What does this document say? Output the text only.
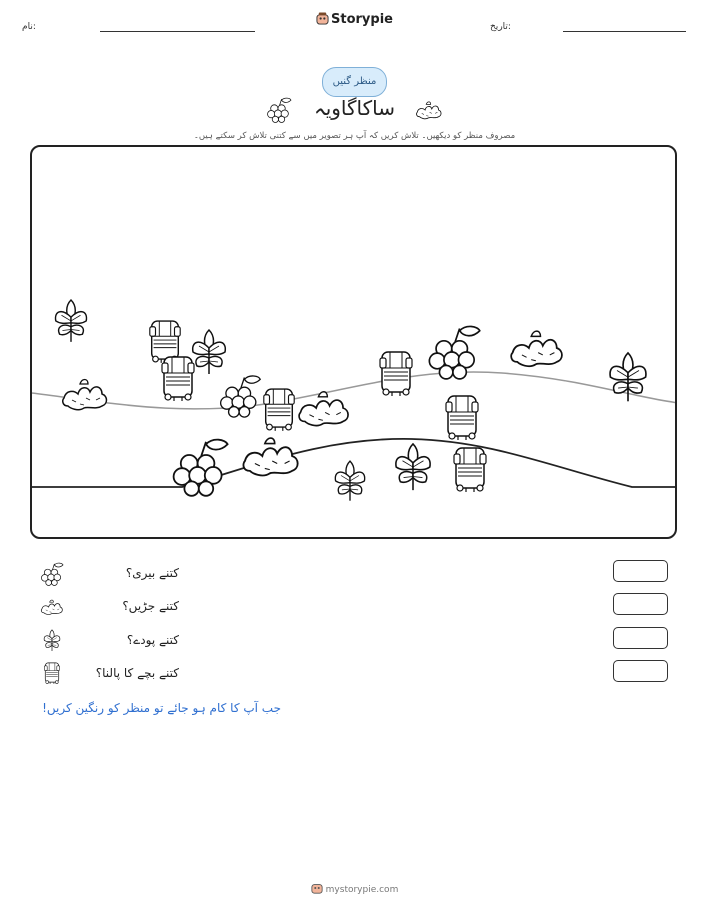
نام:	تاریخ:
Storypie
منظر گنیں
ساکاگاویہ
مصروف منظر کو دیکھیں۔ تلاش کریں کہ آپ ہر تصویر میں سے کتنی تلاش کر سکتے ہیں۔
کتنے بیری؟
کتنے جڑیں؟
کتنے پودے؟
کتنے بچے کا پالنا؟
جب آپ کا کام ہو جائے تو منظر کو رنگین کریں!
mystorypie.com
